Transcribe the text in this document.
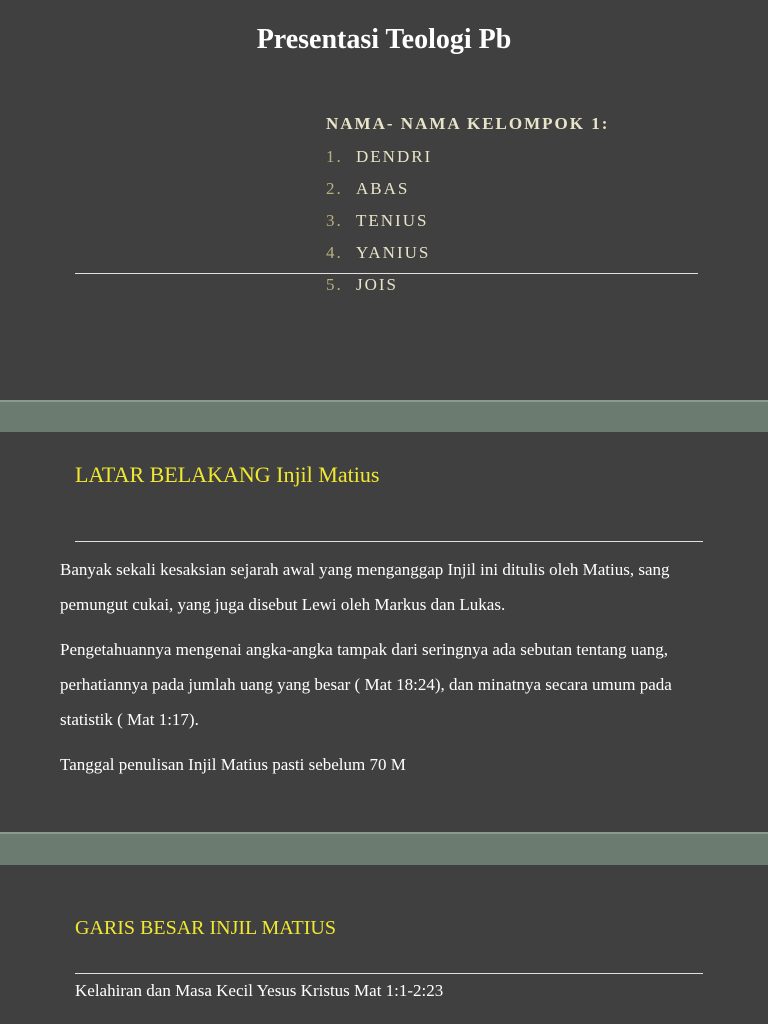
Presentasi Teologi Pb
NAMA- NAMA KELOMPOK 1:
1. DENDRI
2. ABAS
3. TENIUS
4. YANIUS
5. JOIS
LATAR BELAKANG Injil Matius

Banyak sekali kesaksian sejarah awal yang menganggap Injil ini ditulis oleh Matius, sang pemungut cukai, yang juga disebut Lewi oleh Markus dan Lukas.

Pengetahuannya mengenai angka-angka tampak dari seringnya ada sebutan tentang uang, perhatiannya pada jumlah uang yang besar ( Mat 18:24), dan minatnya secara umum pada statistik ( Mat 1:17).

Tanggal penulisan Injil Matius pasti sebelum 70 M

GARIS BESAR INJIL MATIUS
Kelahiran dan Masa Kecil Yesus Kristus Mat 1:1-2:23
